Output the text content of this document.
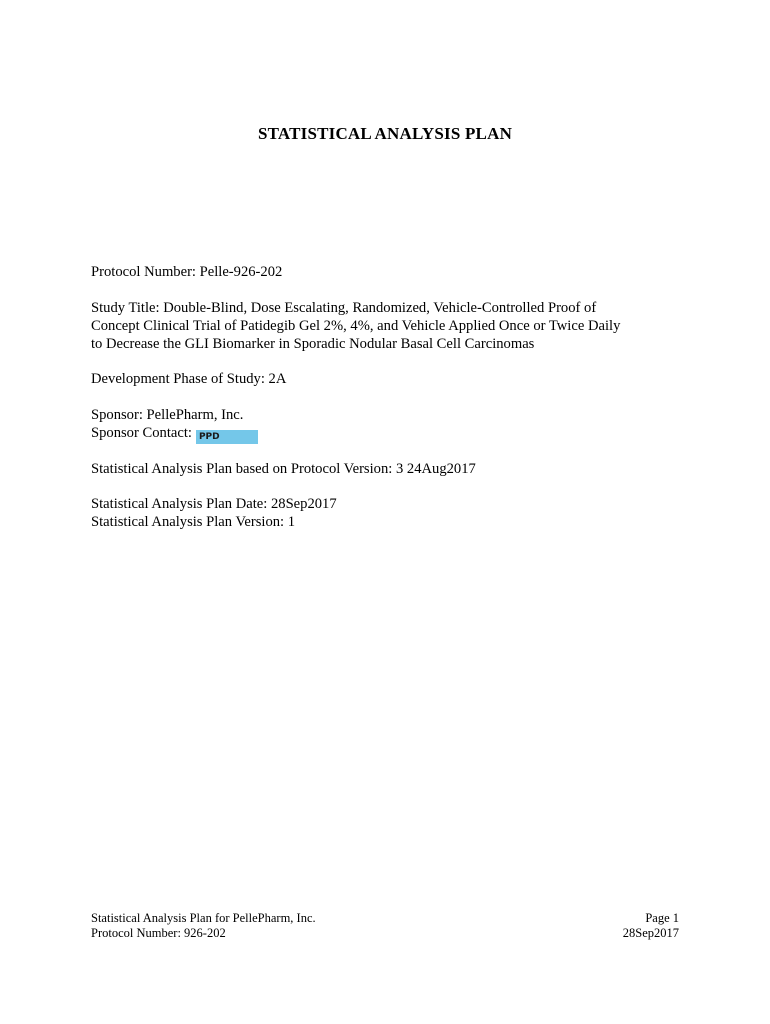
STATISTICAL ANALYSIS PLAN
Protocol Number: Pelle-926-202
Study Title: Double-Blind, Dose Escalating, Randomized, Vehicle-Controlled Proof of
Concept Clinical Trial of Patidegib Gel 2%, 4%, and Vehicle Applied Once or Twice Daily
to Decrease the GLI Biomarker in Sporadic Nodular Basal Cell Carcinomas
Development Phase of Study: 2A
Sponsor: PellePharm, Inc.
Sponsor Contact: PPD
Statistical Analysis Plan based on Protocol Version: 3 24Aug2017
Statistical Analysis Plan Date: 28Sep2017
Statistical Analysis Plan Version: 1
Statistical Analysis Plan for PellePharm, Inc.
Protocol Number: 926-202
Page 1
28Sep2017
